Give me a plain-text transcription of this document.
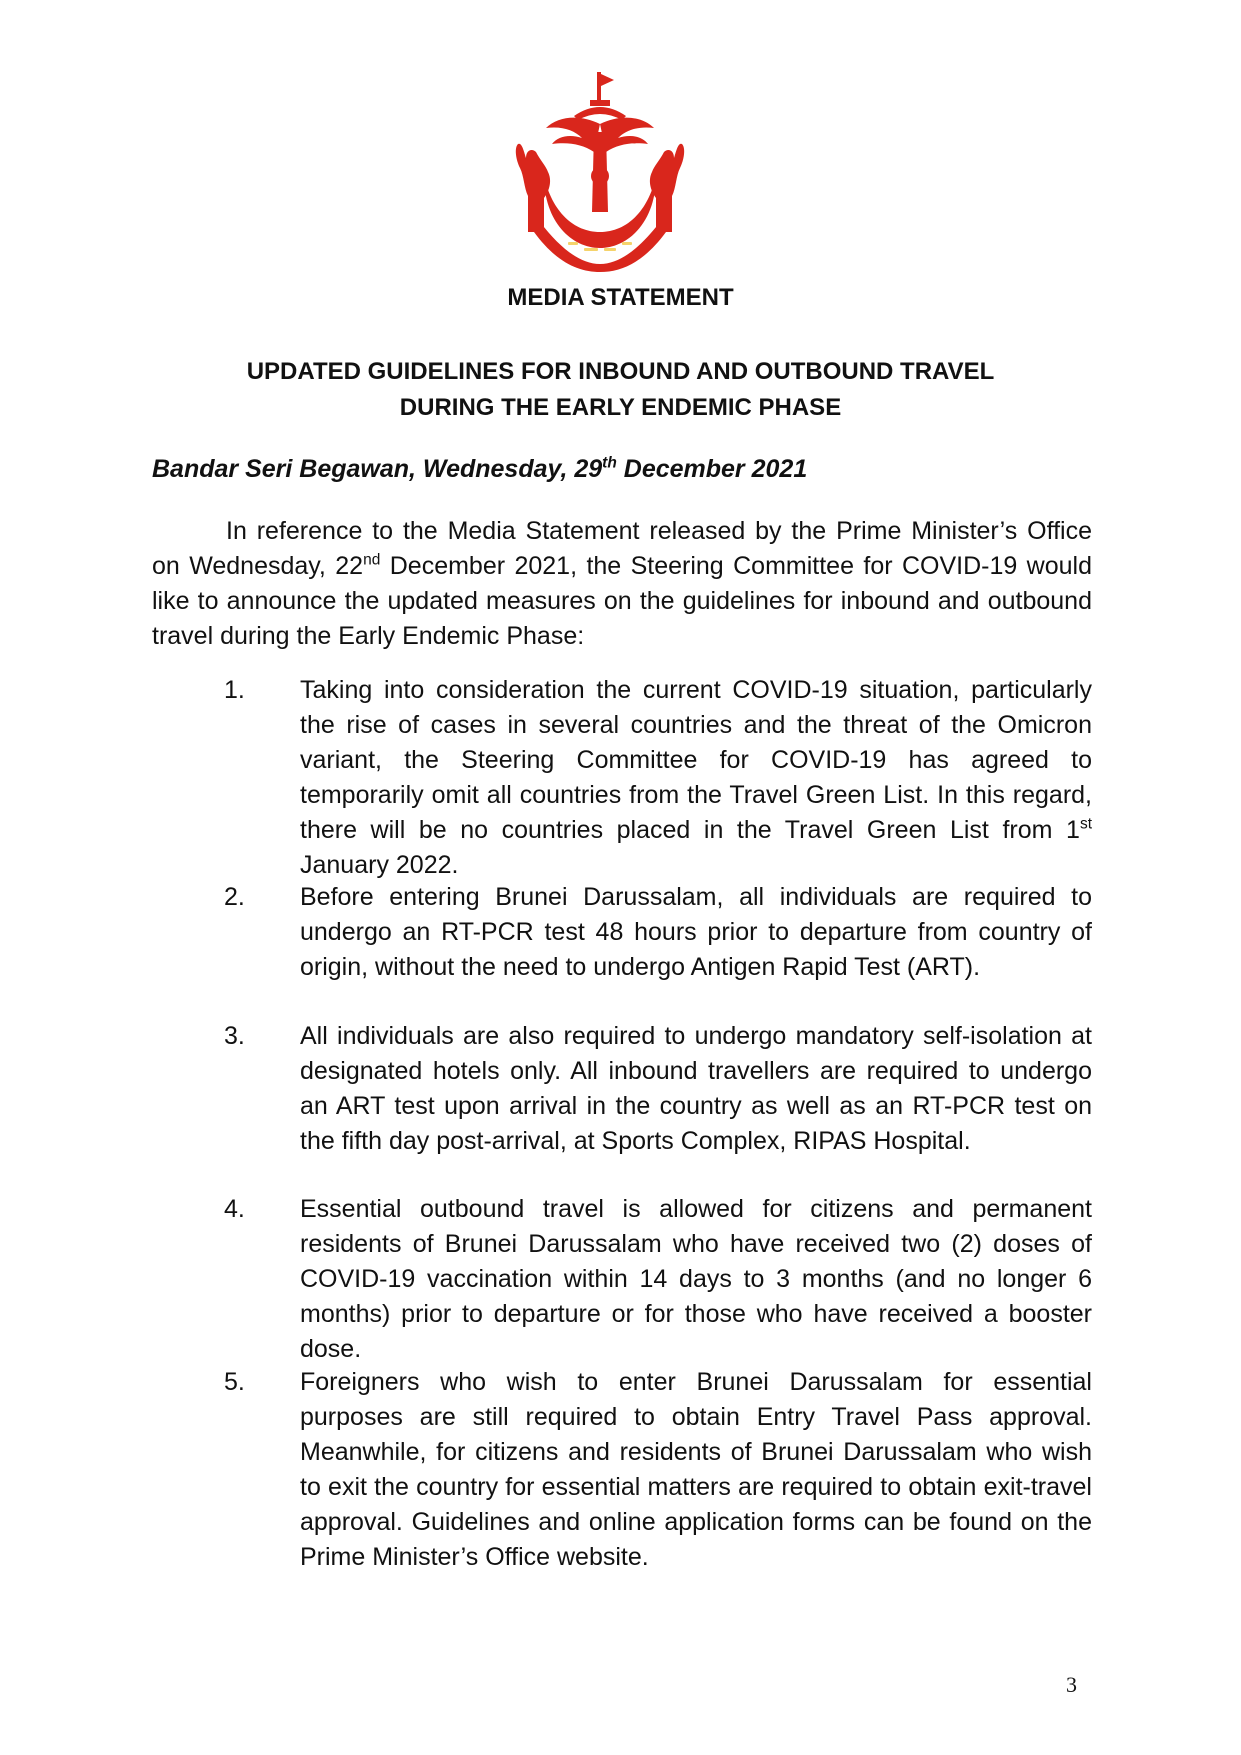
MEDIA STATEMENT
UPDATED GUIDELINES FOR INBOUND AND OUTBOUND TRAVEL
DURING THE EARLY ENDEMIC PHASE
Bandar Seri Begawan, Wednesday, 29th December 2021
In reference to the Media Statement released by the Prime Minister’s Office on Wednesday, 22nd December 2021, the Steering Committee for COVID-19 would like to announce the updated measures on the guidelines for inbound and outbound travel during the Early Endemic Phase:
1.	Taking into consideration the current COVID-19 situation, particularly the rise of cases in several countries and the threat of the Omicron variant, the Steering Committee for COVID-19 has agreed to temporarily omit all countries from the Travel Green List. In this regard, there will be no countries placed in the Travel Green List from 1st January 2022.
2.	Before entering Brunei Darussalam, all individuals are required to undergo an RT-PCR test 48 hours prior to departure from country of origin, without the need to undergo Antigen Rapid Test (ART).
3.	All individuals are also required to undergo mandatory self-isolation at designated hotels only. All inbound travellers are required to undergo an ART test upon arrival in the country as well as an RT-PCR test on the fifth day post-arrival, at Sports Complex, RIPAS Hospital.
4.	Essential outbound travel is allowed for citizens and permanent residents of Brunei Darussalam who have received two (2) doses of COVID-19 vaccination within 14 days to 3 months (and no longer 6 months) prior to departure or for those who have received a booster dose.
5.	Foreigners who wish to enter Brunei Darussalam for essential purposes are still required to obtain Entry Travel Pass approval. Meanwhile, for citizens and residents of Brunei Darussalam who wish to exit the country for essential matters are required to obtain exit-travel approval. Guidelines and online application forms can be found on the Prime Minister’s Office website.
3
